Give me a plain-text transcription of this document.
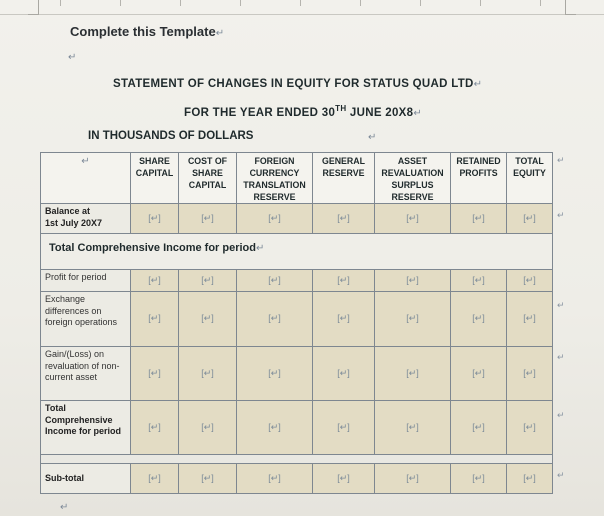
Complete this Template↵
↵
STATEMENT OF CHANGES IN EQUITY FOR STATUS QUAD LTD↵
FOR THE YEAR ENDED 30TH JUNE 20X8↵
IN THOUSANDS OF DOLLARS	↵
↵	SHARE CAPITAL	COST OF SHARE CAPITAL	FOREIGN CURRENCY TRANSLATION RESERVE	GENERAL RESERVE	ASSET REVALUATION SURPLUS RESERVE	RETAINED PROFITS	TOTAL EQUITY

Balance at
1st July 20X7	[↵]	[↵]	[↵]	[↵]	[↵]	[↵]	[↵]

Total Comprehensive Income for period↵							
Profit for period	[↵]	[↵]	[↵]	[↵]	[↵]	[↵]	[↵]

Exchange differences on foreign operations	[↵]	[↵]	[↵]	[↵]	[↵]	[↵]	[↵]

Gain/(Loss) on revaluation of non-current asset	[↵]	[↵]	[↵]	[↵]	[↵]	[↵]	[↵]

Total Comprehensive Income for period	[↵]	[↵]	[↵]	[↵]	[↵]	[↵]	[↵]

Sub-total	[↵]	[↵]	[↵]	[↵]	[↵]	[↵]	[↵]
↵
↵
↵
↵
↵
↵
↵
